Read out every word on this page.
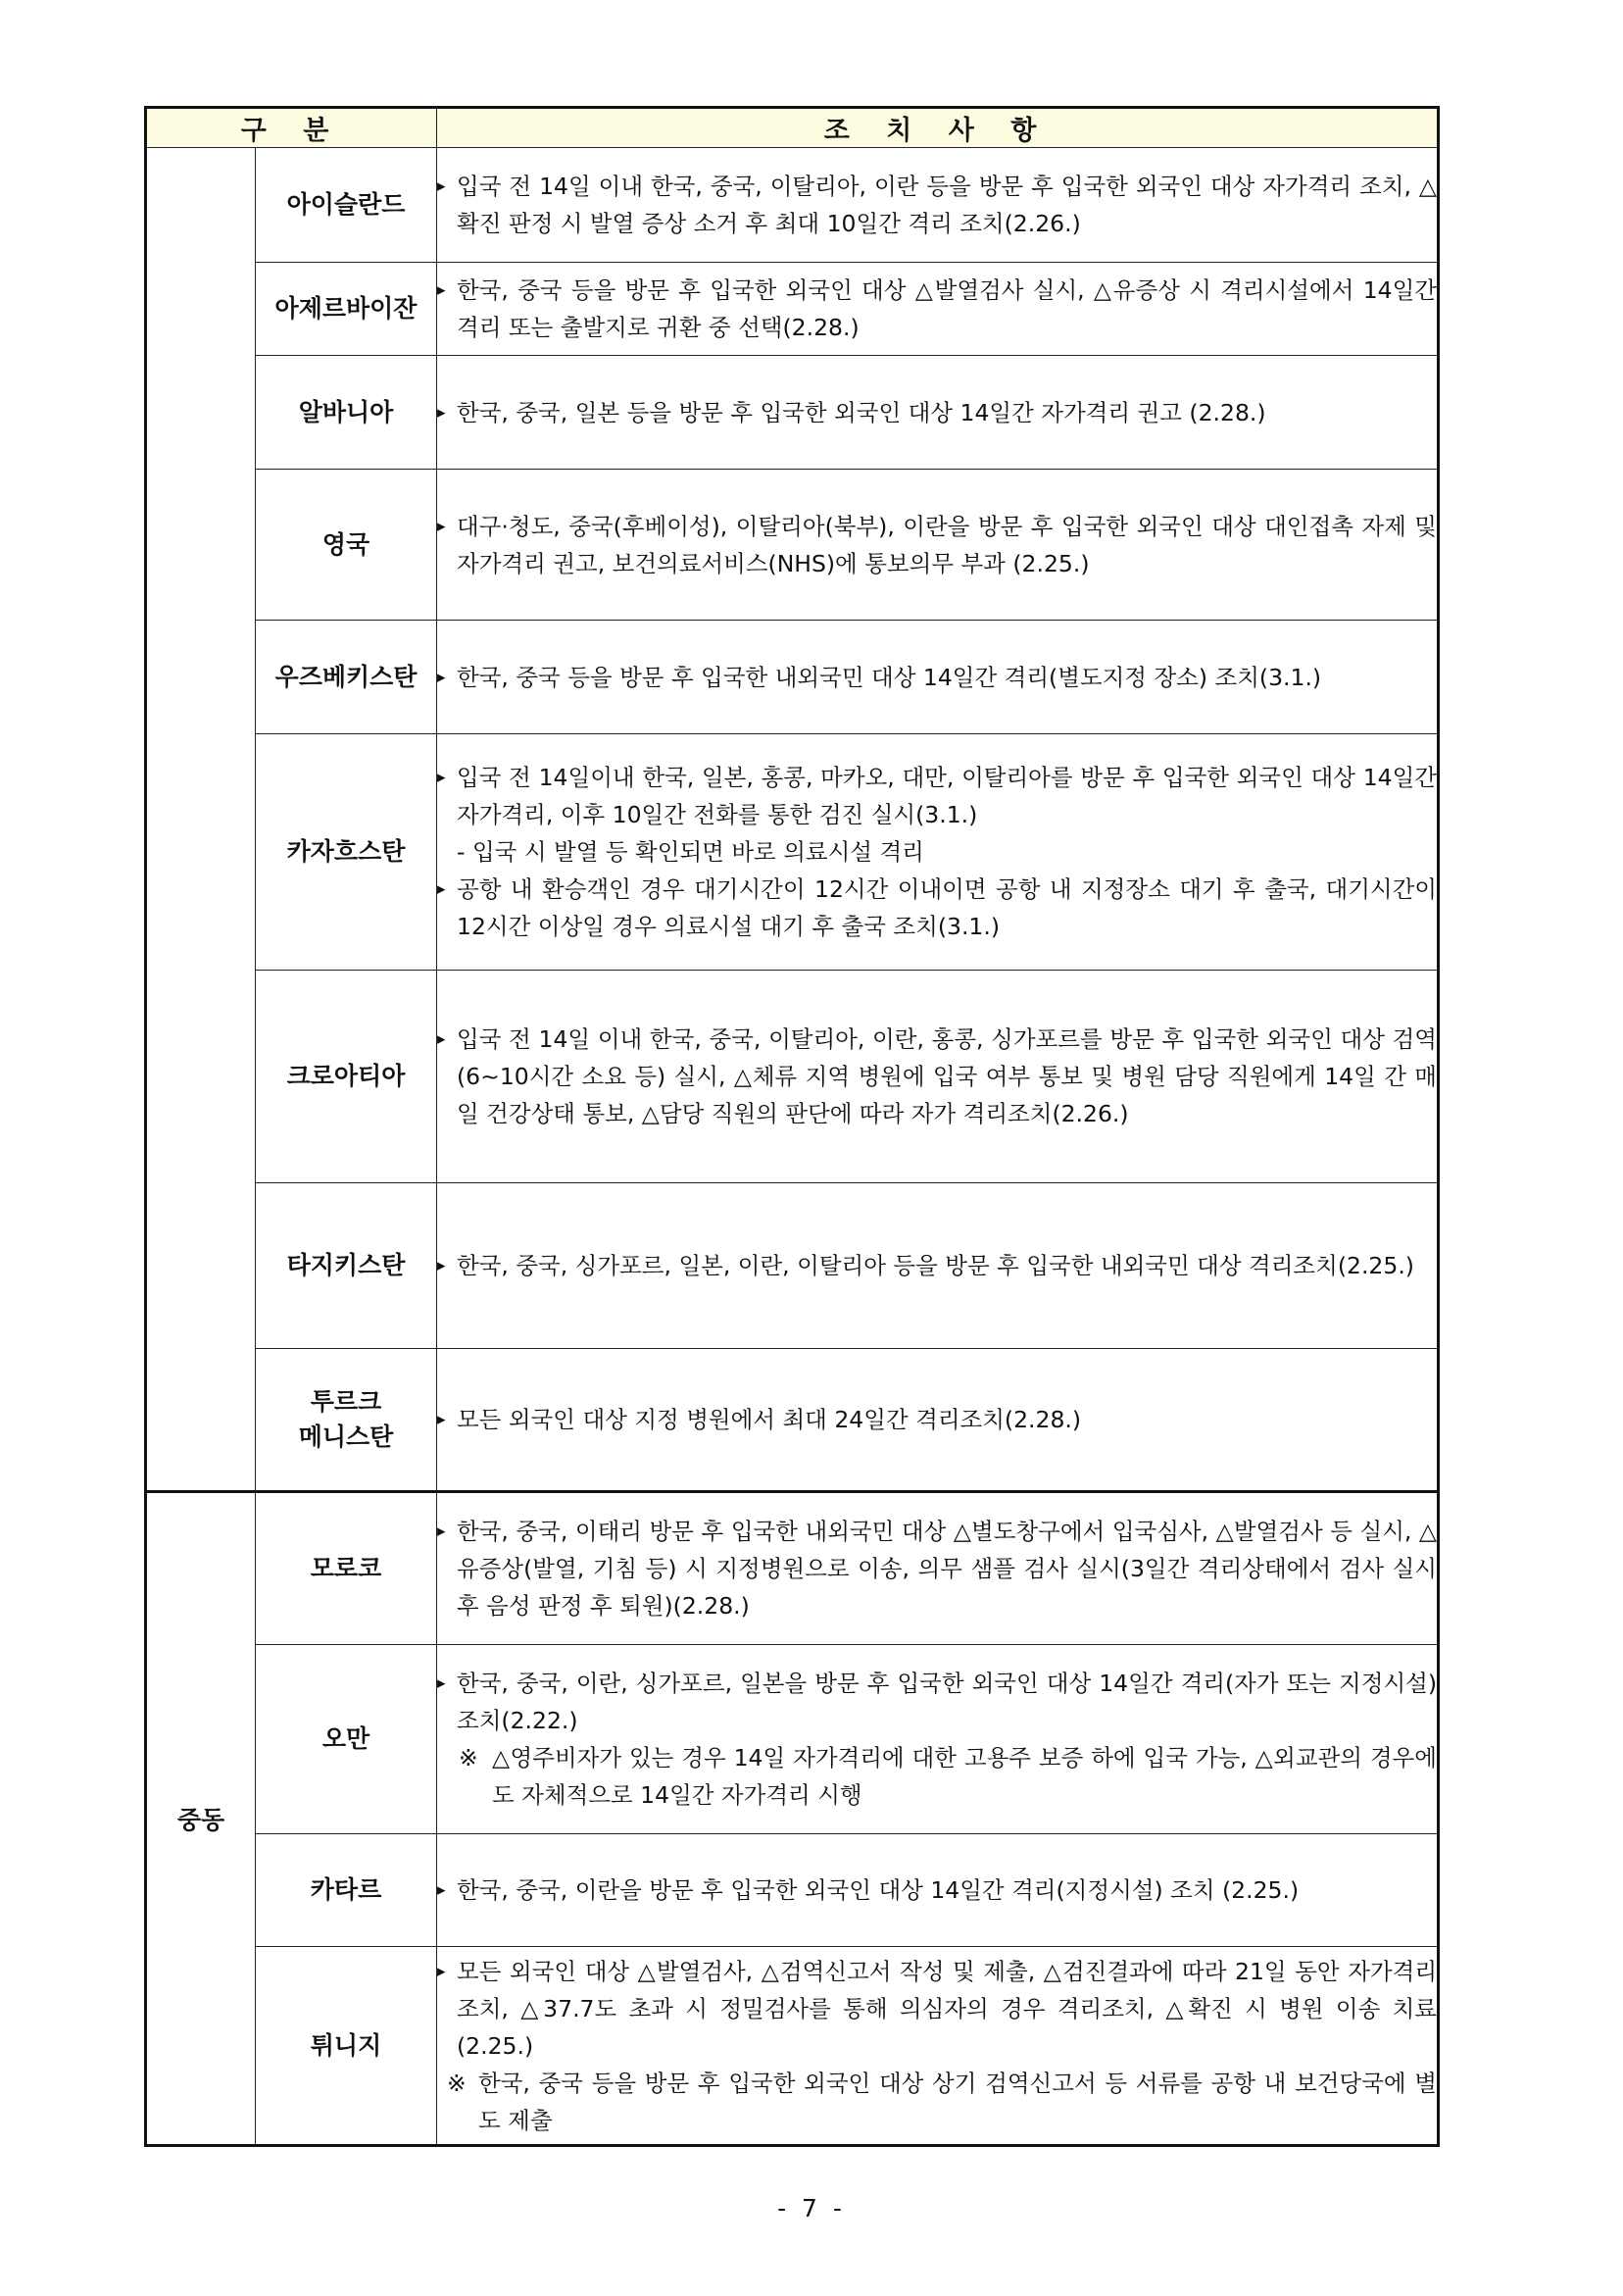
구 분		조 치 사 항
	아이슬란드	▸ 입국 전 14일 이내 한국, 중국, 이탈리아, 이란 등을 방문 후 입국한 외국인 대상 자가격리 조치, △확진 판정 시 발열 증상 소거 후 최대 10일간 격리 조치(2.26.)

	아제르바이잔	▸ 한국, 중국 등을 방문 후 입국한 외국인 대상 △발열검사 실시, △유증상 시 격리시설에서 14일간 격리 또는 출발지로 귀환 중 선택(2.28.)

	알바니아	▸ 한국, 중국, 일본 등을 방문 후 입국한 외국인 대상 14일간 자가격리 권고 (2.28.)

	영국	▸ 대구·청도, 중국(후베이성), 이탈리아(북부), 이란을 방문 후 입국한 외국인 대상 대인접촉 자제 및 자가격리 권고, 보건의료서비스(NHS)에 통보의무 부과 (2.25.)

	우즈베키스탄	▸ 한국, 중국 등을 방문 후 입국한 내외국민 대상 14일간 격리(별도지정 장소) 조치(3.1.)

	카자흐스탄	▸ 입국 전 14일이내 한국, 일본, 홍콩, 마카오, 대만, 이탈리아를 방문 후 입국한 외국인 대상 14일간 자가격리, 이후 10일간 전화를 통한 검진 실시(3.1.)
- 입국 시 발열 등 확인되면 바로 의료시설 격리
▸ 공항 내 환승객인 경우 대기시간이 12시간 이내이면 공항 내 지정장소 대기 후 출국, 대기시간이 12시간 이상일 경우 의료시설 대기 후 출국 조치(3.1.)

	크로아티아	▸ 입국 전 14일 이내 한국, 중국, 이탈리아, 이란, 홍콩, 싱가포르를 방문 후 입국한 외국인 대상 검역(6~10시간 소요 등) 실시, △체류 지역 병원에 입국 여부 통보 및 병원 담당 직원에게 14일 간 매일 건강상태 통보, △담당 직원의 판단에 따라 자가 격리조치(2.26.)

	타지키스탄	▸ 한국, 중국, 싱가포르, 일본, 이란, 이탈리아 등을 방문 후 입국한 내외국민 대상 격리조치(2.25.)

	투르크
메니스탄	▸ 모든 외국인 대상 지정 병원에서 최대 24일간 격리조치(2.28.)

중동	모로코	▸ 한국, 중국, 이태리 방문 후 입국한 내외국민 대상 △별도창구에서 입국심사, △발열검사 등 실시, △유증상(발열, 기침 등) 시 지정병원으로 이송, 의무 샘플 검사 실시(3일간 격리상태에서 검사 실시 후 음성 판정 후 퇴원)(2.28.)

	오만	▸ 한국, 중국, 이란, 싱가포르, 일본을 방문 후 입국한 외국인 대상 14일간 격리(자가 또는 지정시설) 조치(2.22.)
※ △영주비자가 있는 경우 14일 자가격리에 대한 고용주 보증 하에 입국 가능, △외교관의 경우에도 자체적으로 14일간 자가격리 시행

	카타르	▸ 한국, 중국, 이란을 방문 후 입국한 외국인 대상 14일간 격리(지정시설) 조치 (2.25.)

	튀니지	▸ 모든 외국인 대상 △발열검사, △검역신고서 작성 및 제출, △검진결과에 따라 21일 동안 자가격리 조치, △37.7도 초과 시 정밀검사를 통해 의심자의 경우 격리조치, △확진 시 병원 이송 치료(2.25.)
※ 한국, 중국 등을 방문 후 입국한 외국인 대상 상기 검역신고서 등 서류를 공항 내 보건당국에 별도 제출
- 7 -
